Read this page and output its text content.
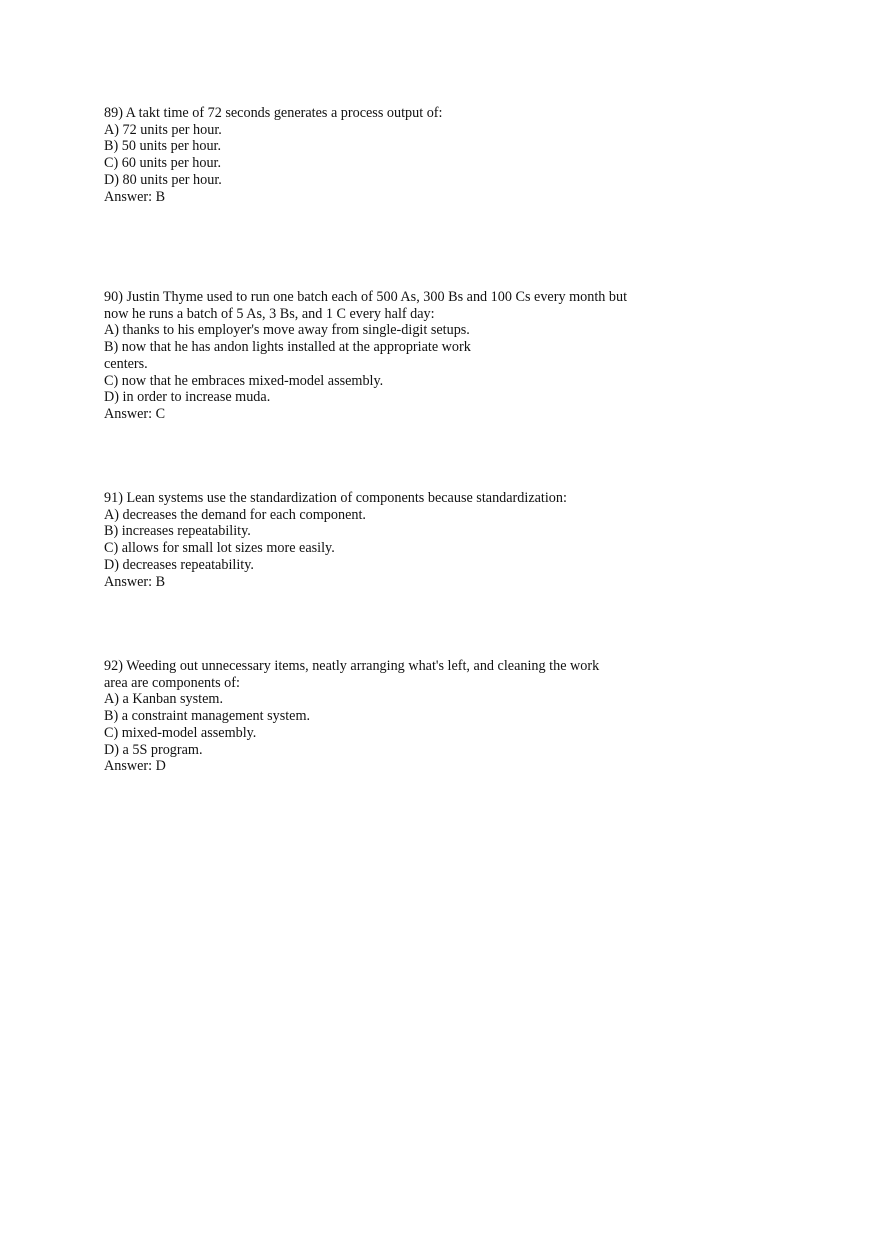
89) A takt time of 72 seconds generates a process output of:
A) 72 units per hour.
B) 50 units per hour.
C) 60 units per hour.
D) 80 units per hour.
Answer: B
90) Justin Thyme used to run one batch each of 500 As, 300 Bs and 100 Cs every month but
now he runs a batch of 5 As, 3 Bs, and 1 C every half day:
A) thanks to his employer's move away from single-digit setups.
B) now that he has andon lights installed at the appropriate work
centers.
C) now that he embraces mixed-model assembly.
D) in order to increase muda.
Answer: C
91) Lean systems use the standardization of components because standardization:
A) decreases the demand for each component.
B) increases repeatability.
C) allows for small lot sizes more easily.
D) decreases repeatability.
Answer: B
92) Weeding out unnecessary items, neatly arranging what's left, and cleaning the work
area are components of:
A) a Kanban system.
B) a constraint management system.
C) mixed-model assembly.
D) a 5S program.
Answer: D
